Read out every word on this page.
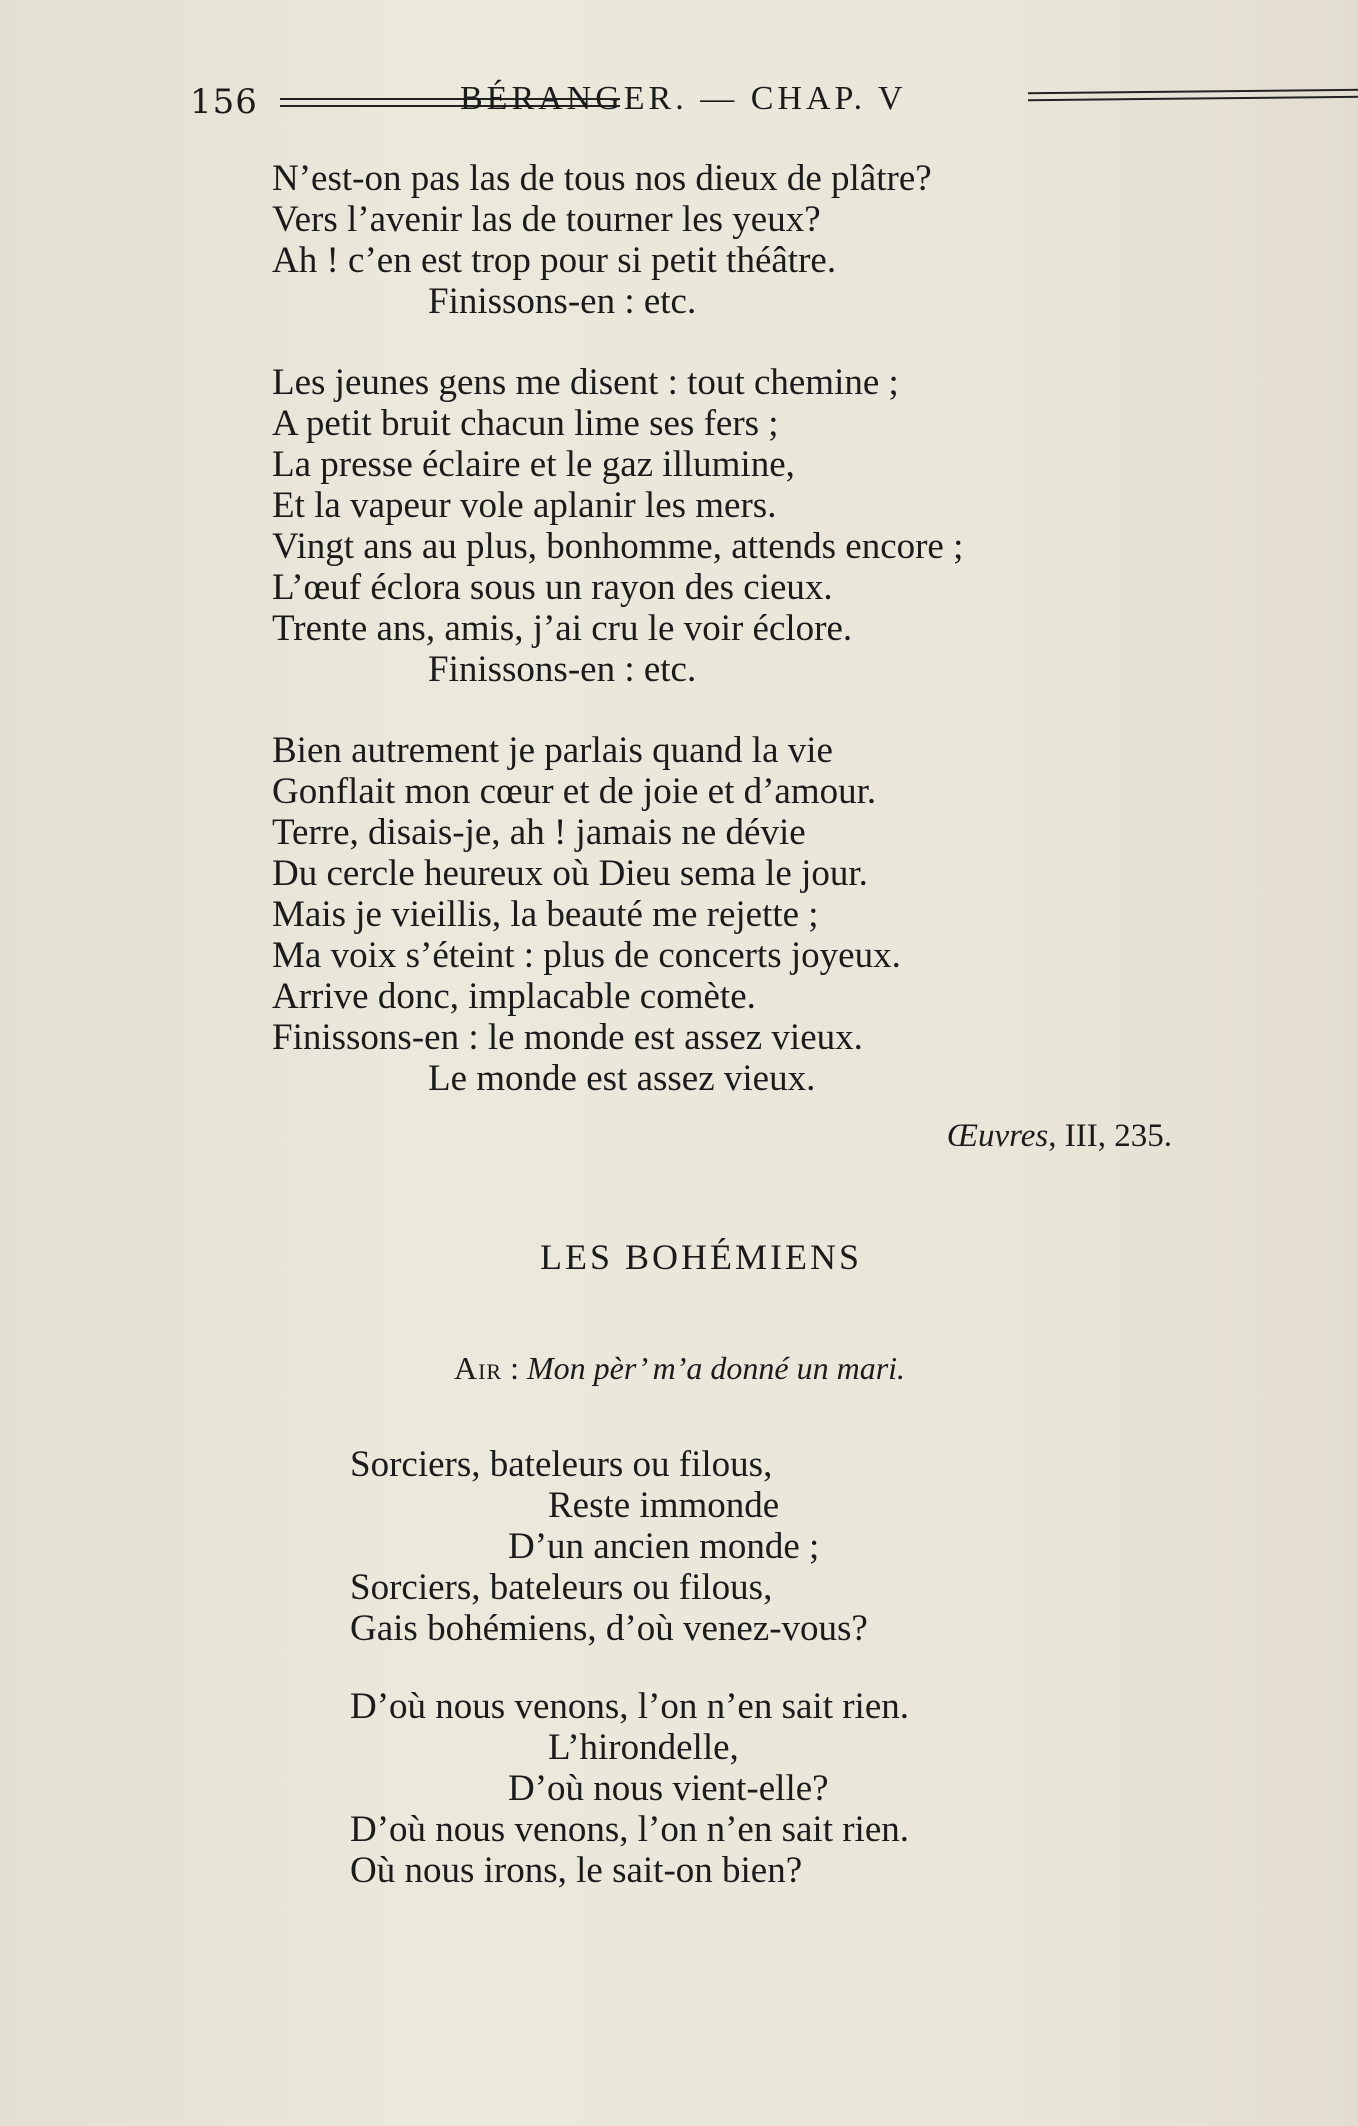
156	BÉRANGER. — CHAP. V
N’est-on pas las de tous nos dieux de plâtre?
Vers l’avenir las de tourner les yeux?
Ah ! c’en est trop pour si petit théâtre.
Finissons-en : etc.
Les jeunes gens me disent : tout chemine ;
A petit bruit chacun lime ses fers ;
La presse éclaire et le gaz illumine,
Et la vapeur vole aplanir les mers.
Vingt ans au plus, bonhomme, attends encore ;
L’œuf éclora sous un rayon des cieux.
Trente ans, amis, j’ai cru le voir éclore.
Finissons-en : etc.
Bien autrement je parlais quand la vie
Gonflait mon cœur et de joie et d’amour.
Terre, disais-je, ah ! jamais ne dévie
Du cercle heureux où Dieu sema le jour.
Mais je vieillis, la beauté me rejette ;
Ma voix s’éteint : plus de concerts joyeux.
Arrive donc, implacable comète.
Finissons-en : le monde est assez vieux.
Le monde est assez vieux.
Œuvres, III, 235.
LES BOHÉMIENS
Air : Mon pèr’ m’a donné un mari.
Sorciers, bateleurs ou filous,
Reste immonde
D’un ancien monde ;
Sorciers, bateleurs ou filous,
Gais bohémiens, d’où venez-vous?
D’où nous venons, l’on n’en sait rien.
L’hirondelle,
D’où nous vient-elle?
D’où nous venons, l’on n’en sait rien.
Où nous irons, le sait-on bien?
